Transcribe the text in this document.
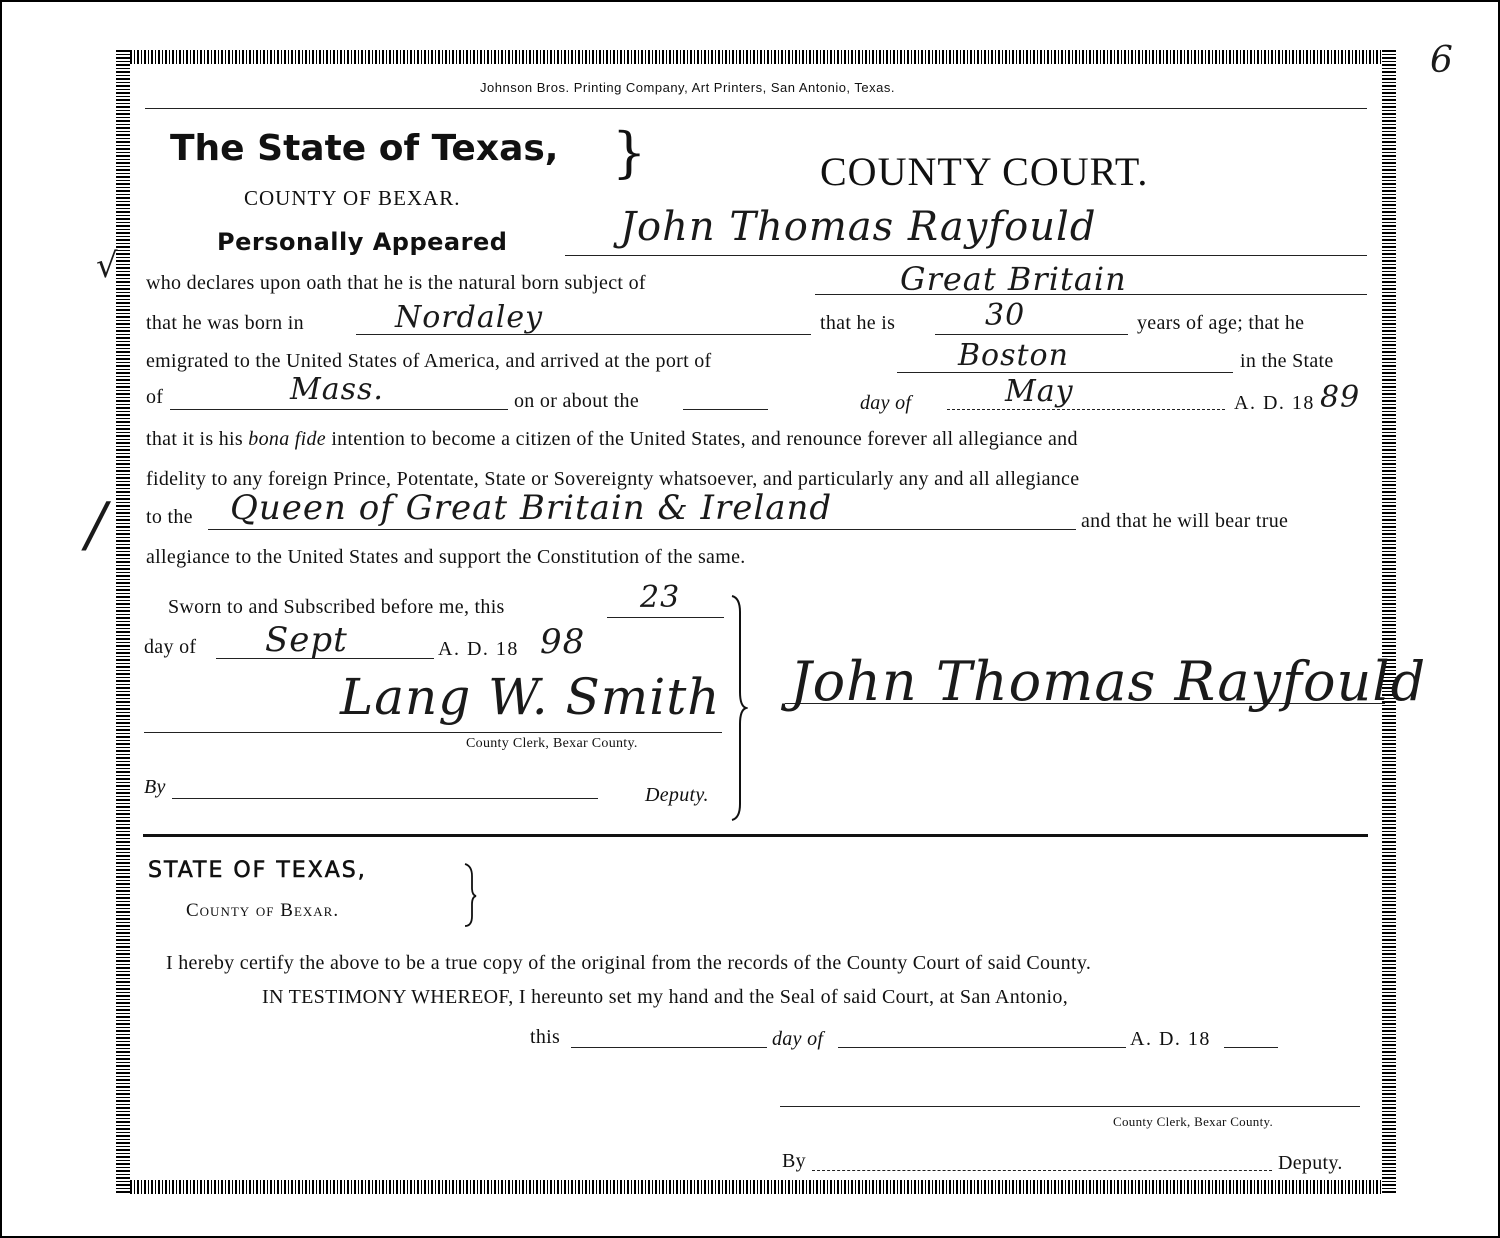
6
Johnson Bros. Printing Company, Art Printers, San Antonio, Texas.
The State of Texas, }	COUNTY COURT.
COUNTY OF BEXAR.
Personally Appeared	John Thomas Rayfould
√
/
who declares upon oath that he is the natural born subject of	Great Britain
that he was born in	Nordaley	that he is	30	years of age; that he
emigrated to the United States of America, and arrived at the port of	Boston	in the State
of	Mass.	on or about the	day of	May	A. D. 18 89
that it is his bona fide intention to become a citizen of the United States, and renounce forever all allegiance and
fidelity to any foreign Prince, Potentate, State or Sovereignty whatsoever, and particularly any and all allegiance
to the Queen of Great Britain & Ireland	and that he will bear true
allegiance to the United States and support the Constitution of the same.
Sworn to and Subscribed before me, this	23
day of Sept	A. D. 18 98
Lang W. Smith
County Clerk, Bexar County.
By	Deputy.
John Thomas Rayfould
STATE OF TEXAS,
County of Bexar.
I hereby certify the above to be a true copy of the original from the records of the County Court of said County.
IN TESTIMONY WHEREOF, I hereunto set my hand and the Seal of said Court, at San Antonio,
this	day of	A. D. 18
County Clerk, Bexar County.
By	Deputy.
